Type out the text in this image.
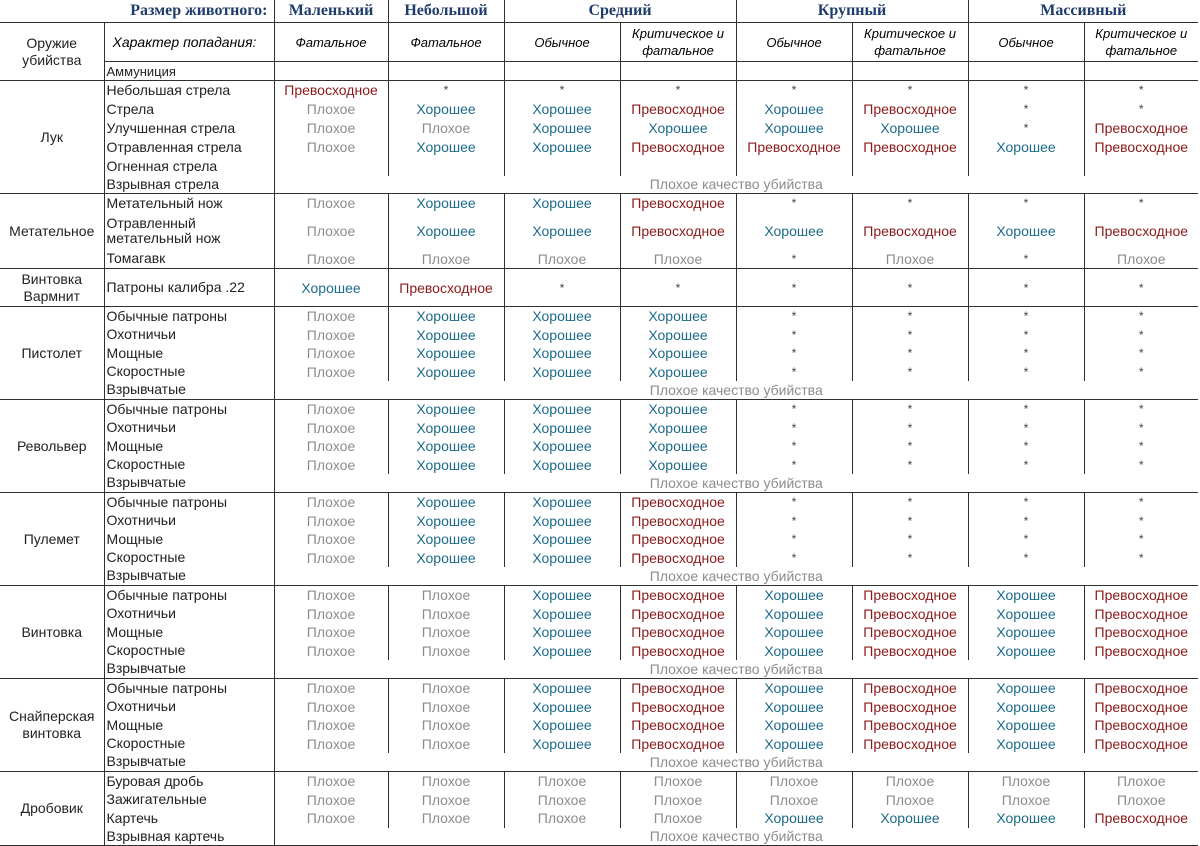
Размер животного:		Маленький	Небольшой	Средний		Крупный		Массивный	
Оружие убийства	Характер попадания:	Фатальное	Фатальное	Обычное	Критическое и фатальное	Обычное	Критическое и фатальное	Обычное	Критическое и фатальное
	Аммуниция								
Лук	Небольшая стрела	Превосходное	*	*	*	*	*	*	*
	Стрела	Плохое	Хорошее	Хорошее	Превосходное	Хорошее	Превосходное	*	*
	Улучшенная стрела	Плохое	Плохое	Хорошее	Хорошее	Хорошее	Хорошее	*	Превосходное
	Отравленная стрела	Плохое	Хорошее	Хорошее	Превосходное	Превосходное	Превосходное	Хорошее	Превосходное
	Огненная стрела								
	Взрывная стрела	Плохое качество убийства							
Метательное	Метательный нож	Плохое	Хорошее	Хорошее	Превосходное	*	*	*	*
	Отравленный метательный нож	Плохое	Хорошее	Хорошее	Превосходное	Хорошее	Превосходное	Хорошее	Превосходное
	Томагавк	Плохое	Плохое	Плохое	Плохое	*	Плохое	*	Плохое
Винтовка Вармнит	Патроны калибра .22	Хорошее	Превосходное	*	*	*	*	*	*
Пистолет	Обычные патроны	Плохое	Хорошее	Хорошее	Хорошее	*	*	*	*
	Охотничьи	Плохое	Хорошее	Хорошее	Хорошее	*	*	*	*
	Мощные	Плохое	Хорошее	Хорошее	Хорошее	*	*	*	*
	Скоростные	Плохое	Хорошее	Хорошее	Хорошее	*	*	*	*
	Взрывчатые	Плохое качество убийства							
Револьвер	Обычные патроны	Плохое	Хорошее	Хорошее	Хорошее	*	*	*	*
	Охотничьи	Плохое	Хорошее	Хорошее	Хорошее	*	*	*	*
	Мощные	Плохое	Хорошее	Хорошее	Хорошее	*	*	*	*
	Скоростные	Плохое	Хорошее	Хорошее	Хорошее	*	*	*	*
	Взрывчатые	Плохое качество убийства							
Пулемет	Обычные патроны	Плохое	Хорошее	Хорошее	Превосходное	*	*	*	*
	Охотничьи	Плохое	Хорошее	Хорошее	Превосходное	*	*	*	*
	Мощные	Плохое	Хорошее	Хорошее	Превосходное	*	*	*	*
	Скоростные	Плохое	Хорошее	Хорошее	Превосходное	*	*	*	*
	Взрывчатые	Плохое качество убийства							
Винтовка	Обычные патроны	Плохое	Плохое	Хорошее	Превосходное	Хорошее	Превосходное	Хорошее	Превосходное
	Охотничьи	Плохое	Плохое	Хорошее	Превосходное	Хорошее	Превосходное	Хорошее	Превосходное
	Мощные	Плохое	Плохое	Хорошее	Превосходное	Хорошее	Превосходное	Хорошее	Превосходное
	Скоростные	Плохое	Плохое	Хорошее	Превосходное	Хорошее	Превосходное	Хорошее	Превосходное
	Взрывчатые	Плохое качество убийства							
Снайперская винтовка	Обычные патроны	Плохое	Плохое	Хорошее	Превосходное	Хорошее	Превосходное	Хорошее	Превосходное
	Охотничьи	Плохое	Плохое	Хорошее	Превосходное	Хорошее	Превосходное	Хорошее	Превосходное
	Мощные	Плохое	Плохое	Хорошее	Превосходное	Хорошее	Превосходное	Хорошее	Превосходное
	Скоростные	Плохое	Плохое	Хорошее	Превосходное	Хорошее	Превосходное	Хорошее	Превосходное
	Взрывчатые	Плохое качество убийства							
Дробовик	Буровая дробь	Плохое	Плохое	Плохое	Плохое	Плохое	Плохое	Плохое	Плохое
	Зажигательные	Плохое	Плохое	Плохое	Плохое	Плохое	Плохое	Плохое	Плохое
	Картечь	Плохое	Плохое	Плохое	Плохое	Хорошее	Хорошее	Хорошее	Превосходное
	Взрывная картечь	Плохое качество убийства							
